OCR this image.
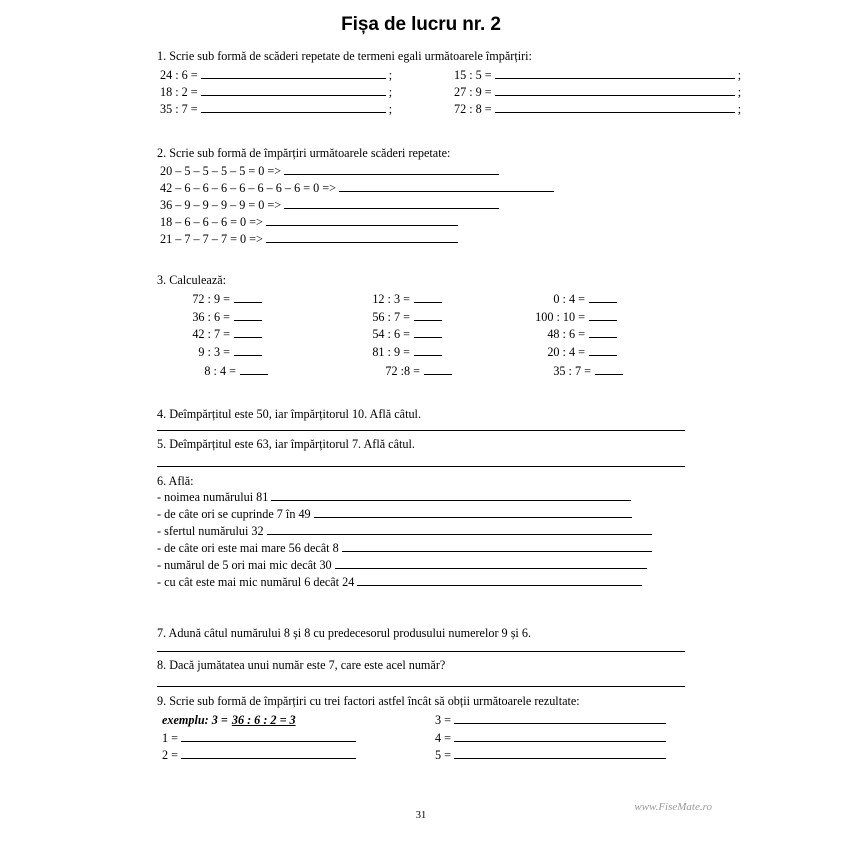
Fișa de lucru nr. 2
1. Scrie sub formă de scăderi repetate de termeni egali următoarele împărțiri:
24 : 6 =	;	15 : 5 =	;
18 : 2 =	;	27 : 9 =	;
35 : 7 =	;	72 : 8 =	;
2. Scrie sub formă de împărțiri următoarele scăderi repetate:
20 – 5 – 5 – 5 – 5 = 0 =>
42 – 6 – 6 – 6 – 6 – 6 – 6 – 6 = 0 =>
36 – 9 – 9 – 9 – 9 = 0 =>
18 – 6 – 6 – 6 = 0 =>
21 – 7 – 7 – 7 = 0 =>
3. Calculează:
72 : 9 =	12 : 3 =	0 : 4 =
36 : 6 =	56 : 7 =	100 : 10 =
42 : 7 =	54 : 6 =	48 : 6 =
9 : 3 =	81 : 9 =	20 : 4 =
8 : 4 =	72 :8 =	35 : 7 =
4. Deîmpărțitul este 50, iar împărțitorul 10. Află câtul.
5. Deîmpărțitul este 63, iar împărțitorul 7. Află câtul.
6. Află:
- noimea numărului 81
- de câte ori se cuprinde 7 în 49
- sfertul numărului 32
- de câte ori este mai mare 56 decât 8
- numărul de 5 ori mai mic decât 30
- cu cât este mai mic numărul 6 decât 24
7. Adună câtul numărului 8 și 8 cu predecesorul produsului numerelor 9 și 6.
8. Dacă jumătatea unui număr este 7, care este acel număr?
9. Scrie sub formă de împărțiri cu trei factori astfel încât să obții următoarele rezultate:
exemplu: 3 = 36 : 6 : 2 = 3	3 =
1 =	4 =
2 =	5 =
31
www.FiseMate.ro
